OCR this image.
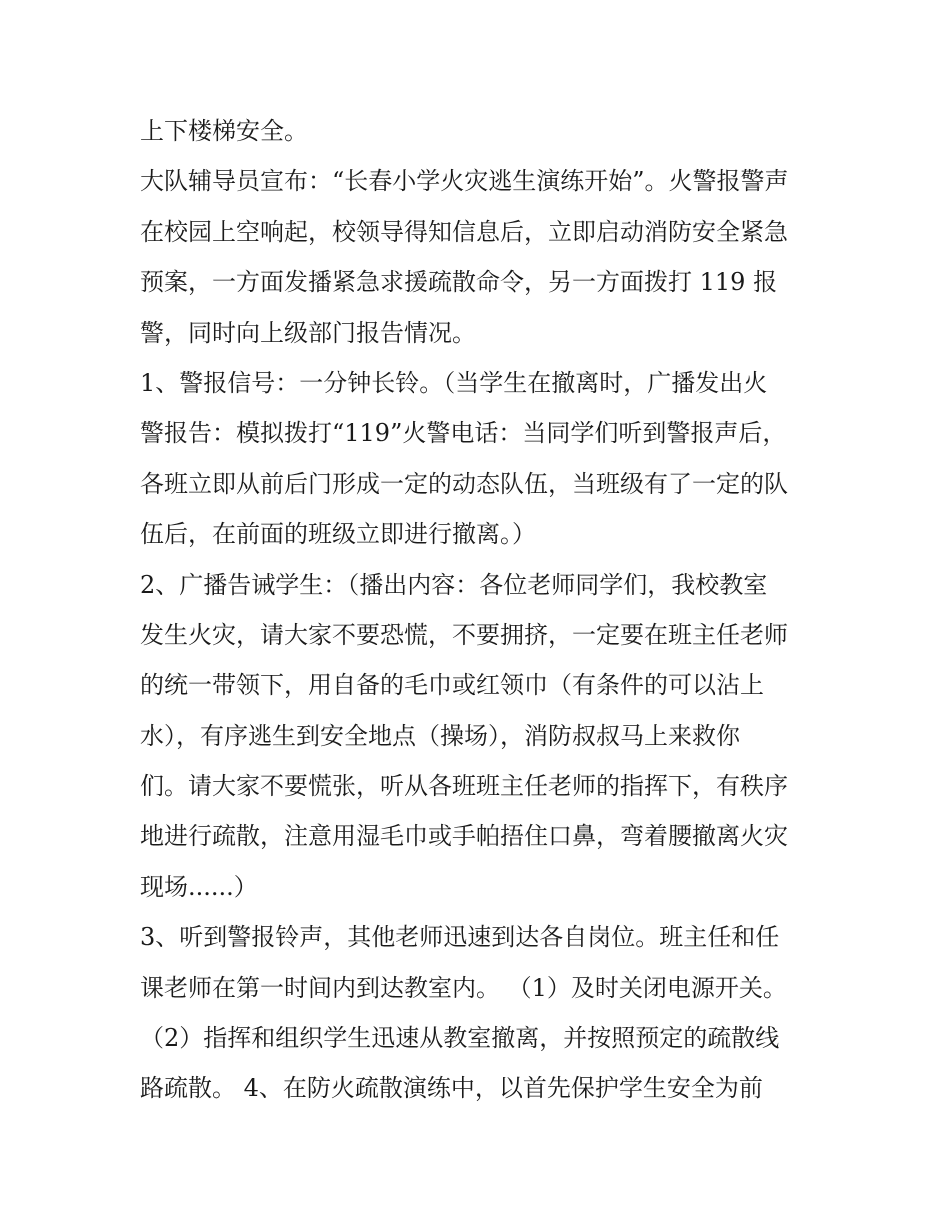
上下楼梯安全。
大队辅导员宣布：“长春小学火灾逃生演练开始”。火警报警声
在校园上空响起，校领导得知信息后，立即启动消防安全紧急
预案，一方面发播紧急求援疏散命令，另一方面拨打 119 报
警，同时向上级部门报告情况。
1、警报信号：一分钟长铃。（当学生在撤离时，广播发出火
警报告：模拟拨打“119”火警电话：当同学们听到警报声后，
各班立即从前后门形成一定的动态队伍，当班级有了一定的队
伍后，在前面的班级立即进行撤离。）
2、广播告诫学生：（播出内容：各位老师同学们，我校教室
发生火灾，请大家不要恐慌，不要拥挤，一定要在班主任老师
的统一带领下，用自备的毛巾或红领巾（有条件的可以沾上
水），有序逃生到安全地点（操场），消防叔叔马上来救你
们。请大家不要慌张，听从各班班主任老师的指挥下，有秩序
地进行疏散，注意用湿毛巾或手帕捂住口鼻，弯着腰撤离火灾
现场......）
3、听到警报铃声，其他老师迅速到达各自岗位。班主任和任
课老师在第一时间内到达教室内。 （1）及时关闭电源开关。
（2）指挥和组织学生迅速从教室撤离，并按照预定的疏散线
路疏散。 4、在防火疏散演练中，以首先保护学生安全为前
